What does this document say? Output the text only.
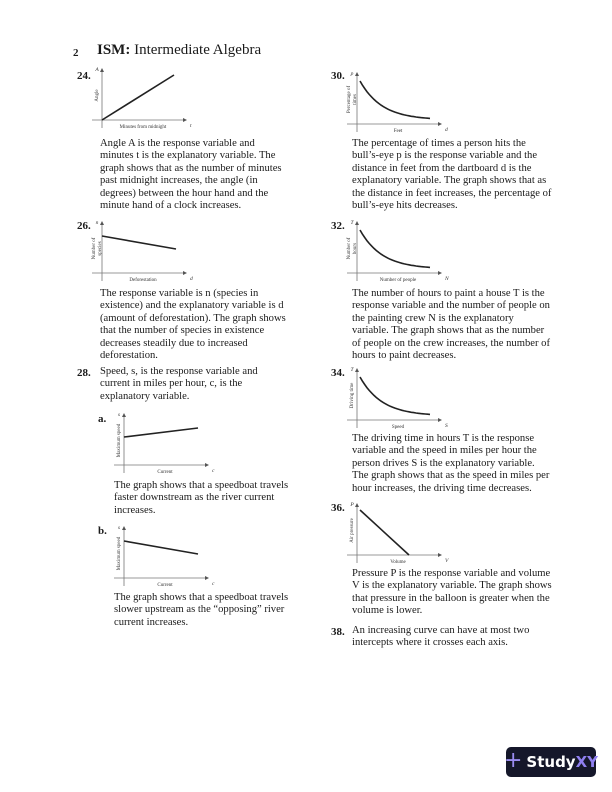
2 ISM: Intermediate Algebra
24. A
t
Minutes from midnight
Angle
Angle A is the response variable and minutes t is the explanatory variable. The graph shows that as the number of minutes past midnight increases, the angle (in degrees) between the hour hand and the minute hand of a clock increases.
26. n
d
Deforestation
Number of species
The response variable is n (species in existence) and the explanatory variable is d (amount of deforestation). The graph shows that the number of species in existence decreases steadily due to increased deforestation.
28. Speed, s, is the response variable and current in miles per hour, c, is the explanatory variable.
a. s
c
Current
Maximum speed
The graph shows that a speedboat travels faster downstream as the river current increases.
b. s
c
Current
Maximum speed
The graph shows that a speedboat travels slower upstream as the “opposing” river current increases.
30. p
d
Feet
Percentage of times
The percentage of times a person hits the bull’s-eye p is the response variable and the distance in feet from the dartboard d is the explanatory variable. The graph shows that as the distance in feet increases, the percentage of bull’s-eye hits decreases.
32. T
N
Number of people
Number of hours
The number of hours to paint a house T is the response variable and the number of people on the painting crew N is the explanatory variable. The graph shows that as the number of people on the crew increases, the number of hours to paint decreases.
34. T
S
Speed
Driving time
The driving time in hours T is the response variable and the speed in miles per hour the person drives S is the explanatory variable. The graph shows that as the speed in miles per hour increases, the driving time decreases.
36. P
V
Volume
Air pressure
Pressure P is the response variable and volume V is the explanatory variable. The graph shows that pressure in the balloon is greater when the volume is lower.
38. An increasing curve can have at most two intercepts where it crosses each axis.
+ StudyXY
